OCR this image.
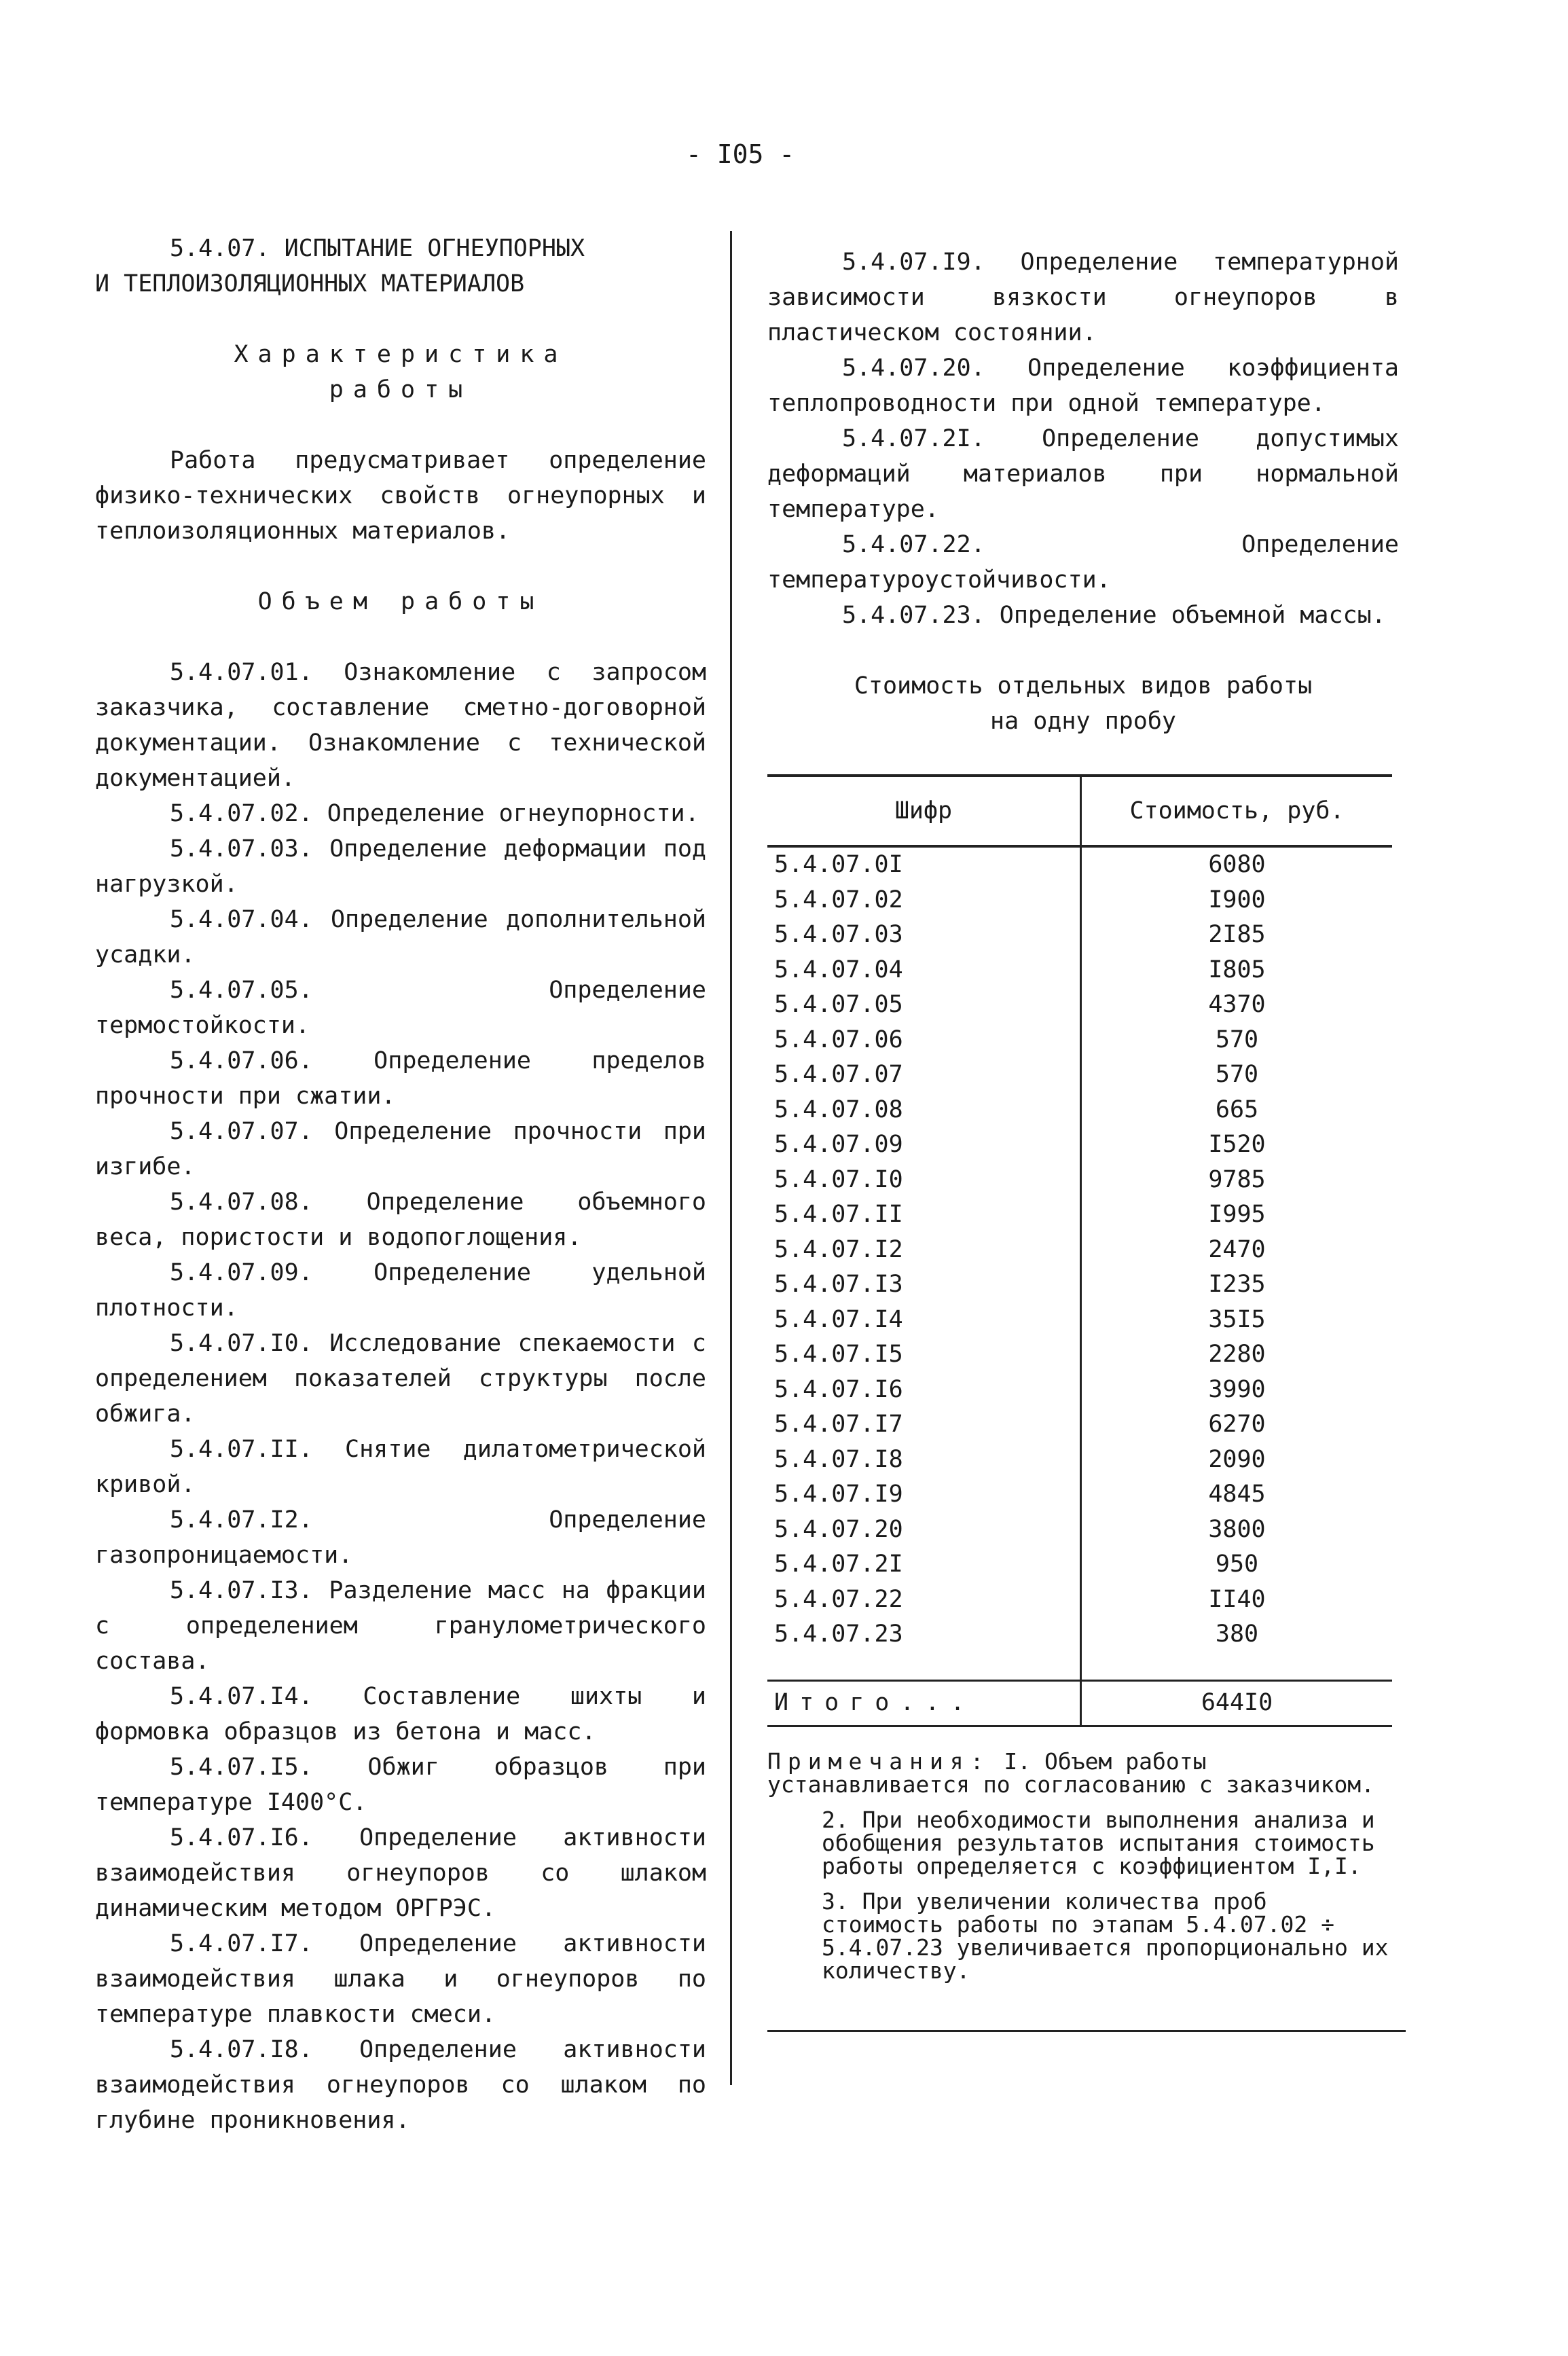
- I05 -

5.4.07. ИСПЫТАНИЕ ОГНЕУПОРНЫХ

И ТЕПЛОИЗОЛЯЦИОННЫХ МАТЕРИАЛОВ

Характеристика

работы

Работа предусматривает определение физико-технических свойств огнеупорных и теплоизоляционных материалов.

Объем работы

5.4.07.01. Ознакомление с запросом заказчика, составление сметно-договорной документации. Ознакомление с технической документацией.

5.4.07.02. Определение огнеупорности.

5.4.07.03. Определение деформации под нагрузкой.

5.4.07.04. Определение дополнительной усадки.

5.4.07.05. Определение термостойкости.

5.4.07.06. Определение пределов прочности при сжатии.

5.4.07.07. Определение прочности при изгибе.

5.4.07.08. Определение объемного веса, пористости и водопоглощения.

5.4.07.09. Определение удельной плотности.

5.4.07.I0. Исследование спекаемости с определением показателей структуры после обжига.

5.4.07.II. Снятие дилатометрической кривой.

5.4.07.I2. Определение газопроницаемости.

5.4.07.I3. Разделение масс на фракции с определением гранулометрического состава.

5.4.07.I4. Составление шихты и формовка образцов из бетона и масс.

5.4.07.I5. Обжиг образцов при температуре I400°С.

5.4.07.I6. Определение активности взаимодействия огнеупоров со шлаком динамическим методом ОРГРЭС.

5.4.07.I7. Определение активности взаимодействия шлака и огнеупоров по температуре плавкости смеси.

5.4.07.I8. Определение активности взаимодействия огнеупоров со шлаком по глубине проникновения.

5.4.07.I9. Определение температурной зависимости вязкости огнеупоров в пластическом состоянии.

5.4.07.20. Определение коэффициента теплопроводности при одной температуре.

5.4.07.2I. Определение допустимых деформаций материалов при нормальной температуре.

5.4.07.22. Определение температуроустойчивости.

5.4.07.23. Определение объемной массы.

Стоимость отдельных видов работы

на одну пробу

Шифр	Стоимость, руб.
5.4.07.0I	6080
5.4.07.02	I900
5.4.07.03	2I85
5.4.07.04	I805
5.4.07.05	4370
5.4.07.06	570
5.4.07.07	570
5.4.07.08	665
5.4.07.09	I520
5.4.07.I0	9785
5.4.07.II	I995
5.4.07.I2	2470
5.4.07.I3	I235
5.4.07.I4	35I5
5.4.07.I5	2280
5.4.07.I6	3990
5.4.07.I7	6270
5.4.07.I8	2090
5.4.07.I9	4845
5.4.07.20	3800
5.4.07.2I	950
5.4.07.22	II40
5.4.07.23	380

Итого...	644I0

Примечания: I. Объем работы устанавливается по согласованию с заказчиком.

2. При необходимости выполнения анализа и обобщения результатов испытания стоимость работы определяется с коэффициентом I,I.

3. При увеличении количества проб стоимость работы по этапам 5.4.07.02 ÷ 5.4.07.23 увеличивается пропорционально их количеству.
